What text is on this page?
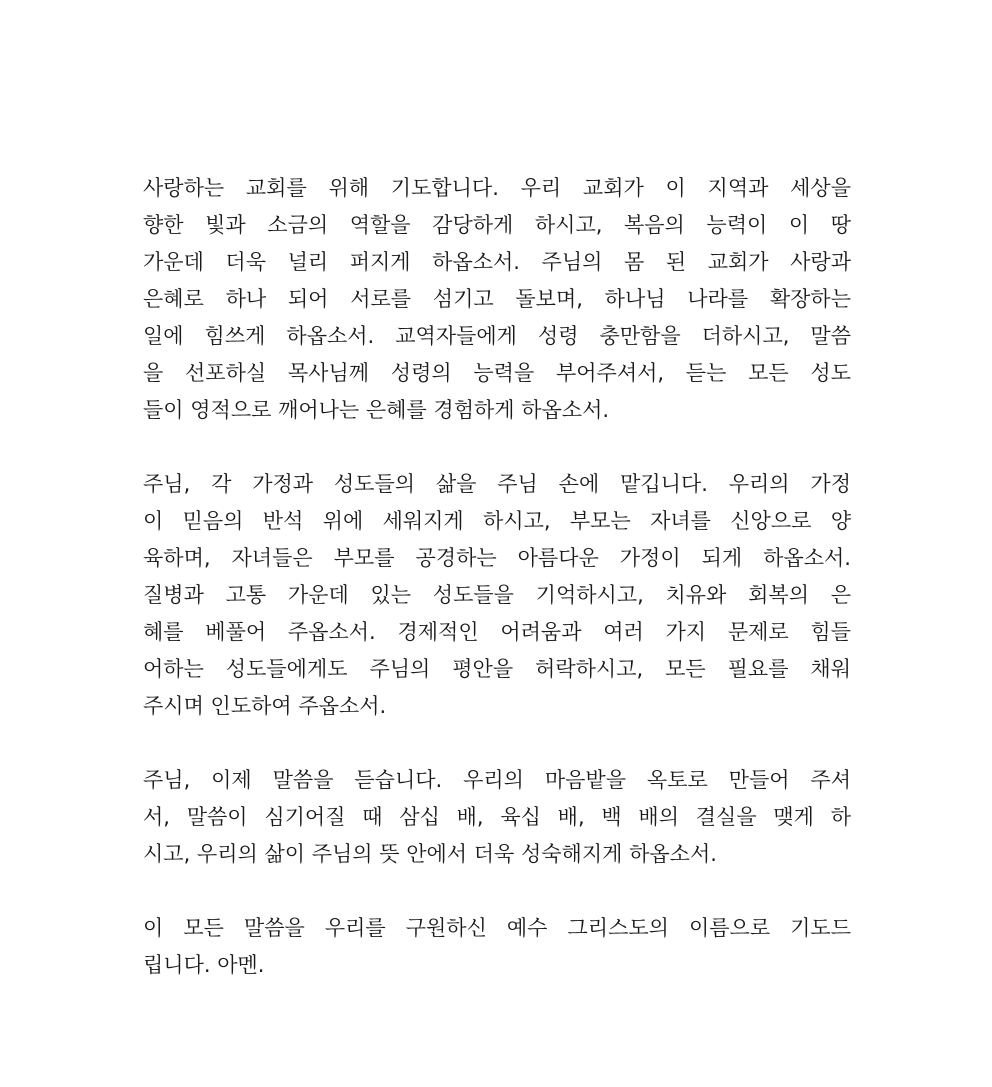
사랑하는 교회를 위해 기도합니다. 우리 교회가 이 지역과 세상을
향한 빛과 소금의 역할을 감당하게 하시고, 복음의 능력이 이 땅
가운데 더욱 널리 퍼지게 하옵소서. 주님의 몸 된 교회가 사랑과
은혜로 하나 되어 서로를 섬기고 돌보며, 하나님 나라를 확장하는
일에 힘쓰게 하옵소서. 교역자들에게 성령 충만함을 더하시고, 말씀
을 선포하실 목사님께 성령의 능력을 부어주셔서, 듣는 모든 성도
들이 영적으로 깨어나는 은혜를 경험하게 하옵소서.

주님, 각 가정과 성도들의 삶을 주님 손에 맡깁니다. 우리의 가정
이 믿음의 반석 위에 세워지게 하시고, 부모는 자녀를 신앙으로 양
육하며, 자녀들은 부모를 공경하는 아름다운 가정이 되게 하옵소서.
질병과 고통 가운데 있는 성도들을 기억하시고, 치유와 회복의 은
혜를 베풀어 주옵소서. 경제적인 어려움과 여러 가지 문제로 힘들
어하는 성도들에게도 주님의 평안을 허락하시고, 모든 필요를 채워
주시며 인도하여 주옵소서.

주님, 이제 말씀을 듣습니다. 우리의 마음밭을 옥토로 만들어 주셔
서, 말씀이 심기어질 때 삼십 배, 육십 배, 백 배의 결실을 맺게 하
시고, 우리의 삶이 주님의 뜻 안에서 더욱 성숙해지게 하옵소서.

이 모든 말씀을 우리를 구원하신 예수 그리스도의 이름으로 기도드
립니다. 아멘.
